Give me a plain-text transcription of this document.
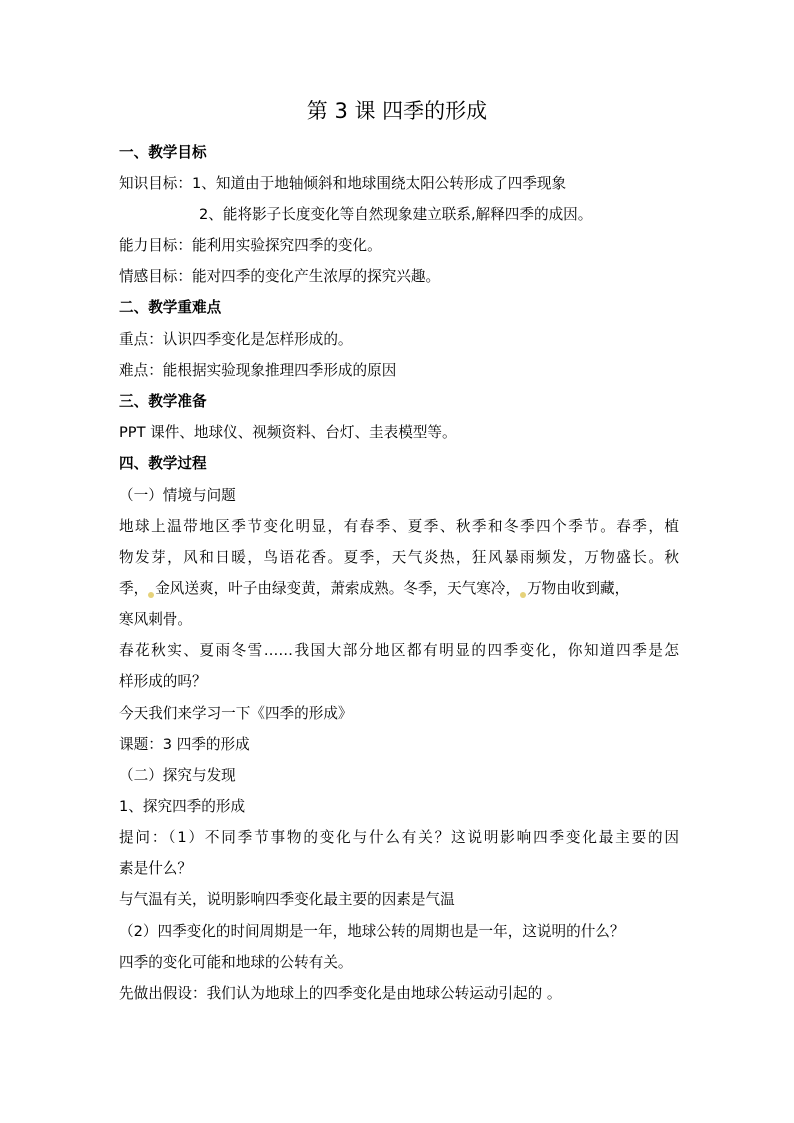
第 3 课 四季的形成
一、教学目标
知识目标：1、知道由于地轴倾斜和地球围绕太阳公转形成了四季现象
2、能将影子长度变化等自然现象建立联系,解释四季的成因。
能力目标：能利用实验探究四季的变化。
情感目标：能对四季的变化产生浓厚的探究兴趣。
二、教学重难点
重点：认识四季变化是怎样形成的。
难点：能根据实验现象推理四季形成的原因
三、教学准备
PPT 课件、地球仪、视频资料、台灯、圭表模型等。
四、教学过程
（一）情境与问题
地球上温带地区季节变化明显，有春季、夏季、秋季和冬季四个季节。春季，植
物发芽，风和日暖，鸟语花香。夏季，天气炎热，狂风暴雨频发，万物盛长。秋
季， 金风送爽，叶子由绿变黄，萧索成熟。冬季，天气寒冷， 万物由收到藏，
寒风刺骨。
春花秋实、夏雨冬雪……我国大部分地区都有明显的四季变化，你知道四季是怎
样形成的吗？
今天我们来学习一下《四季的形成》
课题：3 四季的形成
（二）探究与发现
1、探究四季的形成
提问：（1）不同季节事物的变化与什么有关？这说明影响四季变化最主要的因
素是什么？
与气温有关，说明影响四季变化最主要的因素是气温
（2）四季变化的时间周期是一年，地球公转的周期也是一年，这说明的什么？
四季的变化可能和地球的公转有关。
先做出假设：我们认为地球上的四季变化是由地球公转运动引起的 。
